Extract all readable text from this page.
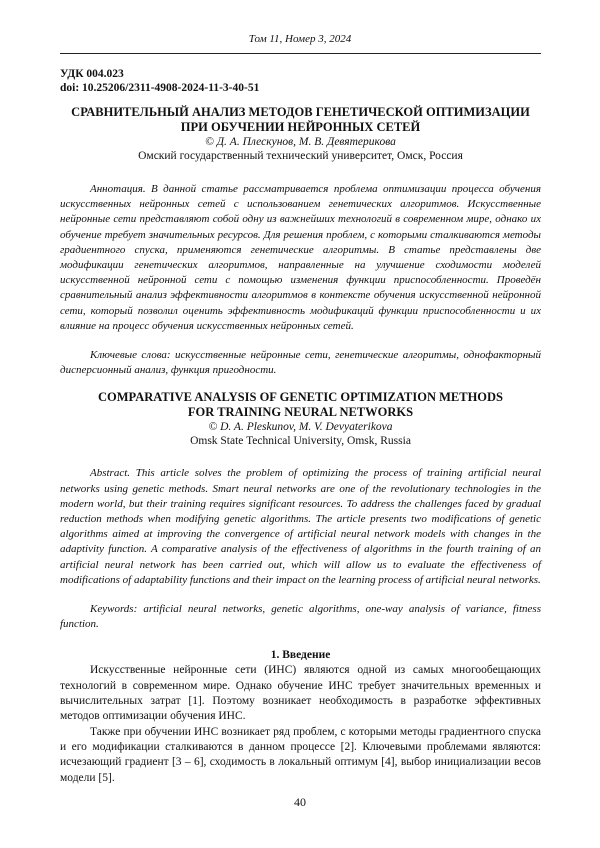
Том 11, Номер 3, 2024
УДК 004.023
doi: 10.25206/2311-4908-2024-11-3-40-51
СРАВНИТЕЛЬНЫЙ АНАЛИЗ МЕТОДОВ ГЕНЕТИЧЕСКОЙ ОПТИМИЗАЦИИ
ПРИ ОБУЧЕНИИ НЕЙРОННЫХ СЕТЕЙ
© Д. А. Плескунов, М. В. Девятерикова
Омский государственный технический университет, Омск, Россия

Аннотация. В данной статье рассматривается проблема оптимизации процесса обучения искусственных нейронных сетей с использованием генетических алгоритмов. Искусственные нейронные сети представляют собой одну из важнейших технологий в современном мире, однако их обучение требует значительных ресурсов. Для решения проблем, с которыми сталкиваются методы градиентного спуска, применяются генетические алгоритмы. В статье представлены две модификации генетических алгоритмов, направленные на улучшение сходимости моделей искусственной нейронной сети с помощью изменения функции приспособленности. Проведён сравнительный анализ эффективности алгоритмов в контексте обучения искусственной нейронной сети, который позволил оценить эффективность модификаций функции приспособленности и их влияние на процесс обучения искусственных нейронных сетей.

Ключевые слова: искусственные нейронные сети, генетические алгоритмы, однофакторный дисперсионный анализ, функция пригодности.

COMPARATIVE ANALYSIS OF GENETIC OPTIMIZATION METHODS
FOR TRAINING NEURAL NETWORKS
© D. A. Pleskunov, M. V. Devyaterikova
Omsk State Technical University, Omsk, Russia

Abstract. This article solves the problem of optimizing the process of training artificial neural networks using genetic methods. Smart neural networks are one of the revolutionary technologies in the modern world, but their training requires significant resources. To address the challenges faced by gradual reduction methods when modifying genetic algorithms. The article presents two modifications of genetic algorithms aimed at improving the convergence of artificial neural network models with changes in the adaptivity function. A comparative analysis of the effectiveness of algorithms in the fourth training of an artificial neural network has been carried out, which will allow us to evaluate the effectiveness of modifications of adaptability functions and their impact on the learning process of artificial neural networks.

Keywords: artificial neural networks, genetic algorithms, one-way analysis of variance, fitness function.

1. Введение

Искусственные нейронные сети (ИНС) являются одной из самых многообещающих технологий в современном мире. Однако обучение ИНС требует значительных временных и вычислительных затрат [1]. Поэтому возникает необходимость в разработке эффективных методов оптимизации обучения ИНС.

Также при обучении ИНС возникает ряд проблем, с которыми методы градиентного спуска и его модификации сталкиваются в данном процессе [2]. Ключевыми проблемами являются: исчезающий градиент [3 – 6], сходимость в локальный оптимум [4], выбор инициализации весов модели [5].

40
